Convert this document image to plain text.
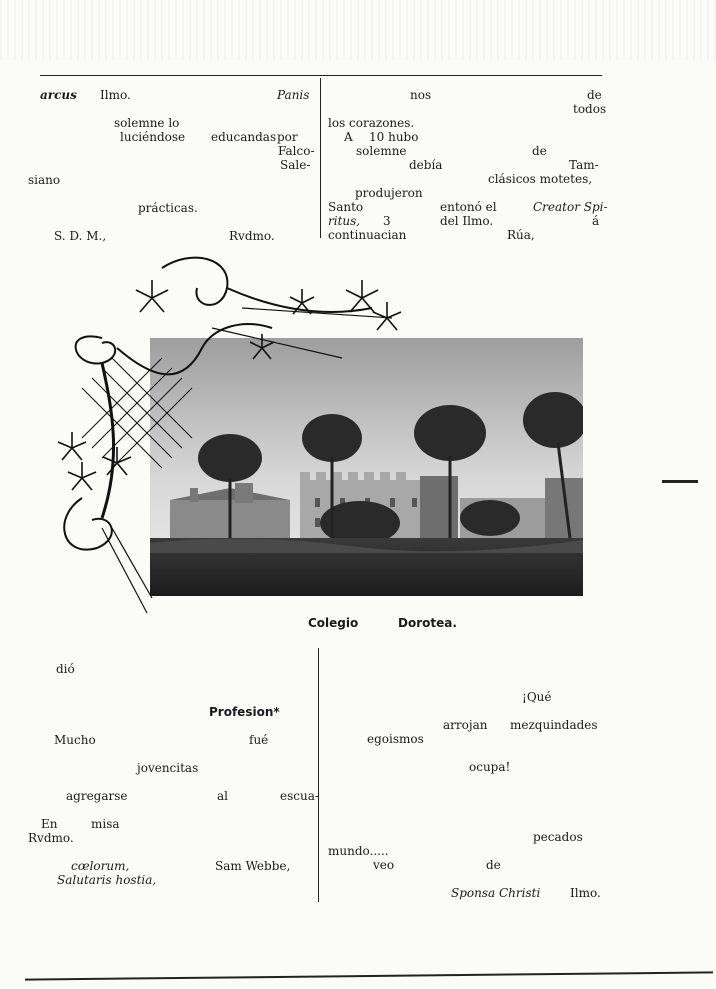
arcus Ilmo.	Panis
solemne lo
luciéndose educandas por
Falco-
Sale-
siano
prácticas.
S. D. M.,	Rvdmo.
nos	de
todos
los corazones.
A 10 hubo
solemne	de
debía	Tam-
clásicos motetes,
produjeron
Santo	entonó el	Creator Spi-
ritus, 3	del Ilmo.	á
continuacian	Rúa,
Colegio	Dorotea.
dió
Profesion*
Mucho	fué
jovencitas
agregarse	al	escua-
En	misa
Rvdmo.
cœlorum,	Sam Webbe,
Salutaris hostia,
¡Qué
arrojan mezquindades
egoismos
ocupa!
pecados
mundo.....
veo	de
Sponsa Christi Ilmo.
